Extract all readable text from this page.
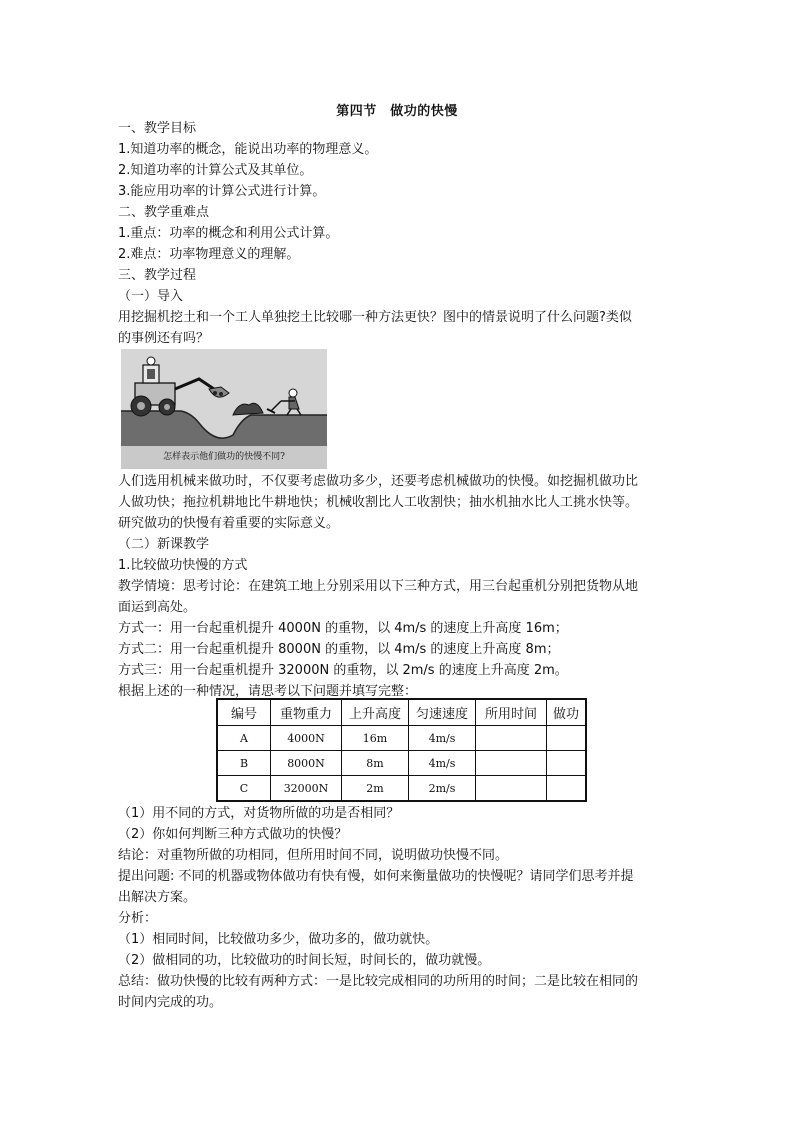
第四节　做功的快慢
一、教学目标
1.知道功率的概念，能说出功率的物理意义。
2.知道功率的计算公式及其单位。
3.能应用功率的计算公式进行计算。
二、教学重难点
1.重点：功率的概念和利用公式计算。
2.难点：功率物理意义的理解。
三、教学过程
（一）导入
用挖掘机挖土和一个工人单独挖土比较哪一种方法更快？图中的情景说明了什么问题?类似
的事例还有吗？
怎样表示他们做功的快慢不同?
人们选用机械来做功时，不仅要考虑做功多少，还要考虑机械做功的快慢。如挖掘机做功比
人做功快；拖拉机耕地比牛耕地快；机械收割比人工收割快；抽水机抽水比人工挑水快等。
研究做功的快慢有着重要的实际意义。
（二）新课教学
1.比较做功快慢的方式
教学情境：思考讨论：在建筑工地上分别采用以下三种方式，用三台起重机分别把货物从地
面运到高处。
方式一：用一台起重机提升 4000N 的重物，以 4m/s 的速度上升高度 16m；
方式二：用一台起重机提升 8000N 的重物，以 4m/s 的速度上升高度 8m；
方式三：用一台起重机提升 32000N 的重物，以 2m/s 的速度上升高度 2m。
根据上述的一种情况，请思考以下问题并填写完整：
编号	重物重力	上升高度	匀速速度	所用时间	做功
A	4000N	16m	4m/s		
B	8000N	8m	4m/s		
C	32000N	2m	2m/s		
（1）用不同的方式，对货物所做的功是否相同？
（2）你如何判断三种方式做功的快慢？
结论：对重物所做的功相同，但所用时间不同，说明做功快慢不同。
提出问题: 不同的机器或物体做功有快有慢，如何来衡量做功的快慢呢？请同学们思考并提
出解决方案。
分析：
（1）相同时间，比较做功多少，做功多的，做功就快。
（2）做相同的功，比较做功的时间长短，时间长的，做功就慢。
总结：做功快慢的比较有两种方式：一是比较完成相同的功所用的时间；二是比较在相同的
时间内完成的功。
